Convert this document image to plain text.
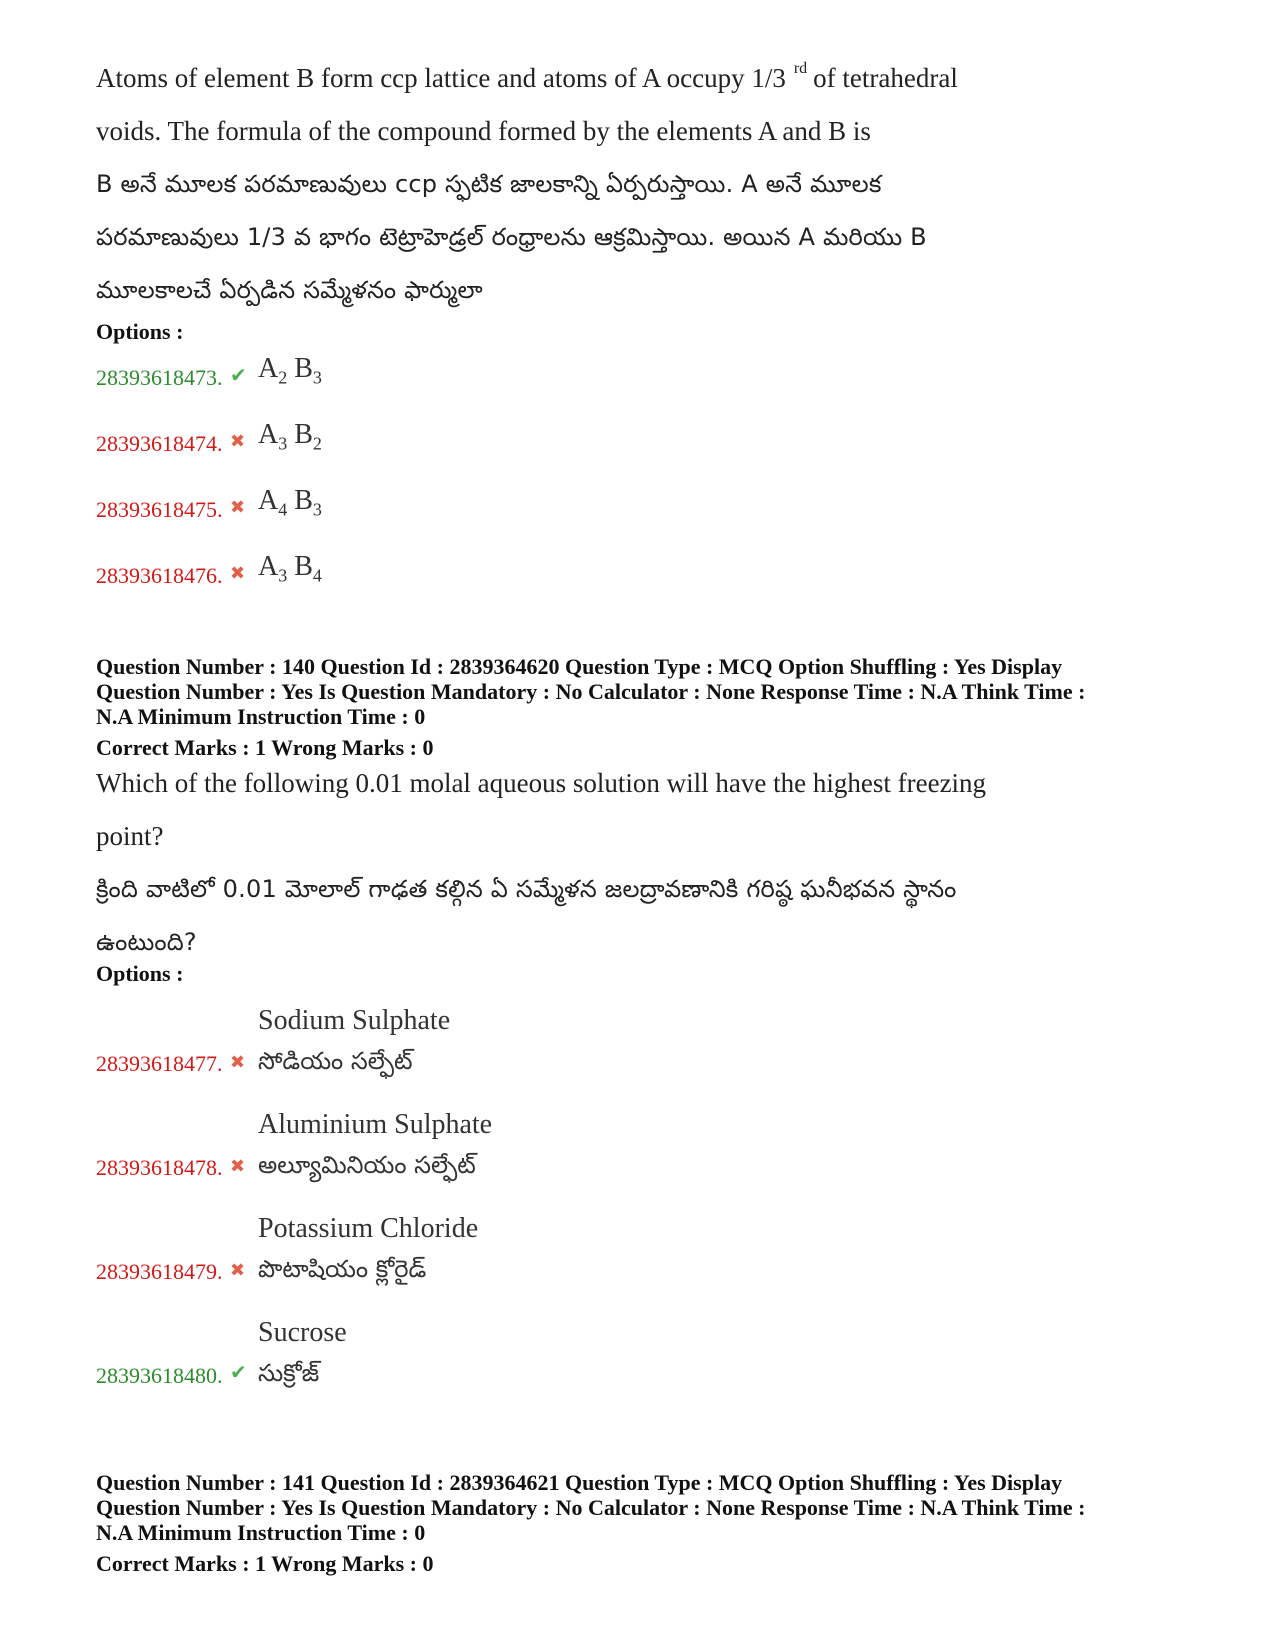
Atoms of element B form ccp lattice and atoms of A occupy 1/3 $^{rd}$ of tetrahedral
voids. The formula of the compound formed by the elements A and B is
B అనే మూలక పరమాణువులు ccp స్ఫటిక జాలకాన్ని ఏర్పరుస్తాయి. A అనే మూలక
పరమాణువులు 1/3 వ భాగం టెట్రాహెడ్రల్ రంధ్రాలను ఆక్రమిస్తాయి. అయిన A మరియు B
మూలకాలచే ఏర్పడిన సమ్మేళనం ఫార్ములా

Options :

28393618473. ✔ $A_2$ $B_3$
28393618474. ✖ $A_3$ $B_2$
28393618475. ✖ $A_4$ $B_3$
28393618476. ✖ $A_3$ $B_4$

Question Number : 140 Question Id : 2839364620 Question Type : MCQ Option Shuffling : Yes Display

Question Number : Yes Is Question Mandatory : No Calculator : None Response Time : N.A Think Time :

N.A Minimum Instruction Time : 0

Correct Marks : 1 Wrong Marks : 0

Which of the following 0.01 molal aqueous solution will have the highest freezing
point?
క్రింది వాటిలో 0.01 మోలాల్ గాఢత కల్గిన ఏ సమ్మేళన జలద్రావణానికి గరిష్ఠ ఘనీభవన స్థానం
ఉంటుంది?

Options :

28393618477. ✖
Sodium Sulphate
సోడియం సల్ఫేట్
28393618478. ✖
Aluminium Sulphate
అల్యూమినియం సల్ఫేట్
28393618479. ✖
Potassium Chloride
పొటాషియం క్లోరైడ్
28393618480. ✔
Sucrose
సుక్రోజ్

Question Number : 141 Question Id : 2839364621 Question Type : MCQ Option Shuffling : Yes Display

Question Number : Yes Is Question Mandatory : No Calculator : None Response Time : N.A Think Time :

N.A Minimum Instruction Time : 0

Correct Marks : 1 Wrong Marks : 0
